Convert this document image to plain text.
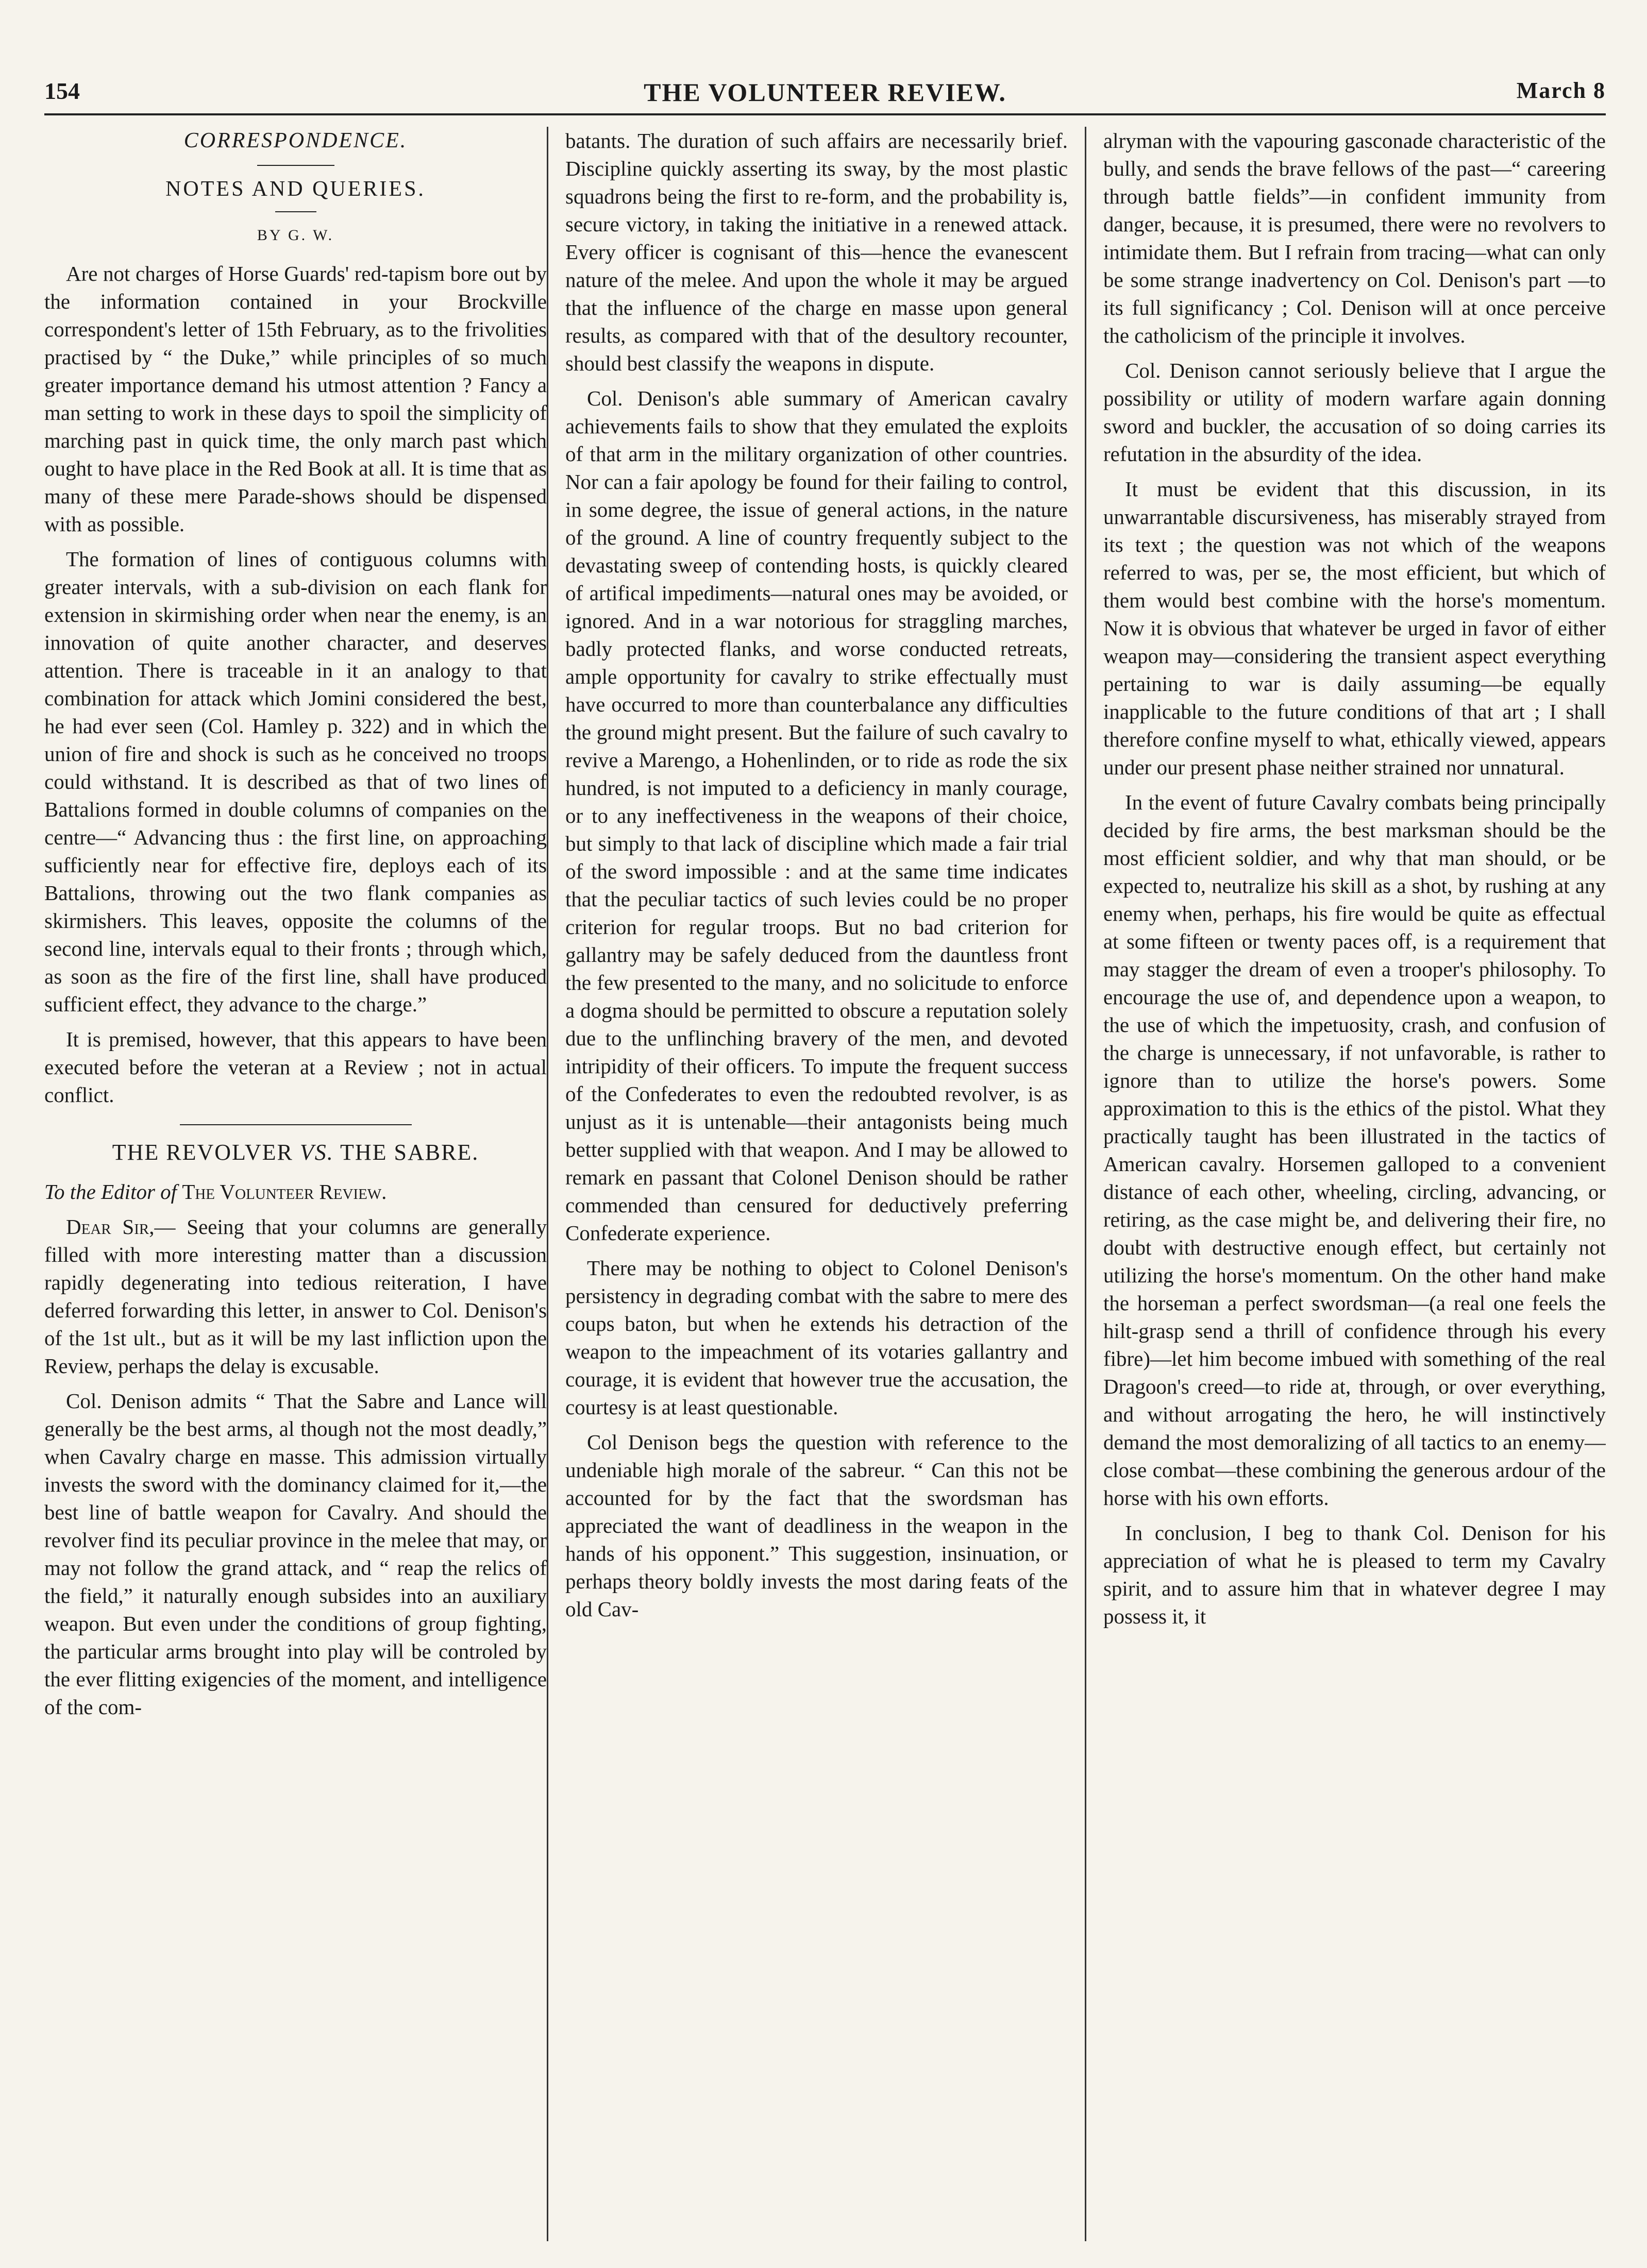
154	THE VOLUNTEER REVIEW.	March 8
CORRESPONDENCE.
NOTES AND QUERIES.
BY G. W.

Are not charges of Horse Guards' red-tapism bore out by the information contained in your Brockville correspondent's letter of 15th February, as to the frivolities practised by “ the Duke,” while principles of so much greater importance demand his utmost attention ? Fancy a man setting to work in these days to spoil the simplicity of marching past in quick time, the only march past which ought to have place in the Red Book at all. It is time that as many of these mere Parade-shows should be dispensed with as possible.

The formation of lines of contiguous columns with greater intervals, with a sub-division on each flank for extension in skirmishing order when near the enemy, is an innovation of quite another character, and deserves attention. There is traceable in it an analogy to that combination for attack which Jomini considered the best, he had ever seen (Col. Hamley p. 322) and in which the union of fire and shock is such as he conceived no troops could withstand. It is described as that of two lines of Battalions formed in double columns of companies on the centre—“ Advancing thus : the first line, on approaching sufficiently near for effective fire, deploys each of its Battalions, throwing out the two flank companies as skirmishers. This leaves, opposite the columns of the second line, intervals equal to their fronts ; through which, as soon as the fire of the first line, shall have produced sufficient effect, they advance to the charge.”

It is premised, however, that this appears to have been executed before the veteran at a Review ; not in actual conflict.

THE REVOLVER VS. THE SABRE.

To the Editor of The Volunteer Review.

Dear Sir,— Seeing that your columns are generally filled with more interesting matter than a discussion rapidly degenerating into tedious reiteration, I have deferred forwarding this letter, in answer to Col. Denison's of the 1st ult., but as it will be my last infliction upon the Review, perhaps the delay is excusable.

Col. Denison admits “ That the Sabre and Lance will generally be the best arms, al though not the most deadly,” when Cavalry charge en masse. This admission virtually invests the sword with the dominancy claimed for it,—the best line of battle weapon for Cavalry. And should the revolver find its peculiar province in the melee that may, or may not follow the grand attack, and “ reap the relics of the field,” it naturally enough subsides into an auxiliary weapon. But even under the conditions of group fighting, the particular arms brought into play will be controled by the ever flitting exigencies of the moment, and intelligence of the com-

batants. The duration of such affairs are necessarily brief. Discipline quickly asserting its sway, by the most plastic squadrons being the first to re-form, and the probability is, secure victory, in taking the initiative in a renewed attack. Every officer is cognisant of this—hence the evanescent nature of the melee. And upon the whole it may be argued that the influence of the charge en masse upon general results, as compared with that of the desultory recounter, should best classify the weapons in dispute.

Col. Denison's able summary of American cavalry achievements fails to show that they emulated the exploits of that arm in the military organization of other countries. Nor can a fair apology be found for their failing to control, in some degree, the issue of general actions, in the nature of the ground. A line of country frequently subject to the devastating sweep of contending hosts, is quickly cleared of artifical impediments—natural ones may be avoided, or ignored. And in a war notorious for straggling marches, badly protected flanks, and worse conducted retreats, ample opportunity for cavalry to strike effectually must have occurred to more than counterbalance any difficulties the ground might present. But the failure of such cavalry to revive a Marengo, a Hohenlinden, or to ride as rode the six hundred, is not imputed to a deficiency in manly courage, or to any ineffectiveness in the weapons of their choice, but simply to that lack of discipline which made a fair trial of the sword impossible : and at the same time indicates that the peculiar tactics of such levies could be no proper criterion for regular troops. But no bad criterion for gallantry may be safely deduced from the dauntless front the few presented to the many, and no solicitude to enforce a dogma should be permitted to obscure a reputation solely due to the unflinching bravery of the men, and devoted intripidity of their officers. To impute the frequent success of the Confederates to even the redoubted revolver, is as unjust as it is untenable—their antagonists being much better supplied with that weapon. And I may be allowed to remark en passant that Colonel Denison should be rather commended than censured for deductively preferring Confederate experience.

There may be nothing to object to Colonel Denison's persistency in degrading combat with the sabre to mere des coups baton, but when he extends his detraction of the weapon to the impeachment of its votaries gallantry and courage, it is evident that however true the accusation, the courtesy is at least questionable.

Col Denison begs the question with reference to the undeniable high morale of the sabreur. “ Can this not be accounted for by the fact that the swordsman has appreciated the want of deadliness in the weapon in the hands of his opponent.” This suggestion, insinuation, or perhaps theory boldly invests the most daring feats of the old Cav-

alryman with the vapouring gasconade characteristic of the bully, and sends the brave fellows of the past—“ careering through battle fields”—in confident immunity from danger, because, it is presumed, there were no revolvers to intimidate them. But I refrain from tracing—what can only be some strange inadvertency on Col. Denison's part —to its full significancy ; Col. Denison will at once perceive the catholicism of the principle it involves.

Col. Denison cannot seriously believe that I argue the possibility or utility of modern warfare again donning sword and buckler, the accusation of so doing carries its refutation in the absurdity of the idea.

It must be evident that this discussion, in its unwarrantable discursiveness, has miserably strayed from its text ; the question was not which of the weapons referred to was, per se, the most efficient, but which of them would best combine with the horse's momentum. Now it is obvious that whatever be urged in favor of either weapon may—considering the transient aspect everything pertaining to war is daily assuming—be equally inapplicable to the future conditions of that art ; I shall therefore confine myself to what, ethically viewed, appears under our present phase neither strained nor unnatural.

In the event of future Cavalry combats being principally decided by fire arms, the best marksman should be the most efficient soldier, and why that man should, or be expected to, neutralize his skill as a shot, by rushing at any enemy when, perhaps, his fire would be quite as effectual at some fifteen or twenty paces off, is a requirement that may stagger the dream of even a trooper's philosophy. To encourage the use of, and dependence upon a weapon, to the use of which the impetuosity, crash, and confusion of the charge is unnecessary, if not unfavorable, is rather to ignore than to utilize the horse's powers. Some approximation to this is the ethics of the pistol. What they practically taught has been illustrated in the tactics of American cavalry. Horsemen galloped to a convenient distance of each other, wheeling, circling, advancing, or retiring, as the case might be, and delivering their fire, no doubt with destructive enough effect, but certainly not utilizing the horse's momentum. On the other hand make the horseman a perfect swordsman—(a real one feels the hilt-grasp send a thrill of confidence through his every fibre)—let him become imbued with something of the real Dragoon's creed—to ride at, through, or over everything, and without arrogating the hero, he will instinctively demand the most demoralizing of all tactics to an enemy—close combat—these combining the generous ardour of the horse with his own efforts.

In conclusion, I beg to thank Col. Denison for his appreciation of what he is pleased to term my Cavalry spirit, and to assure him that in whatever degree I may possess it, it
